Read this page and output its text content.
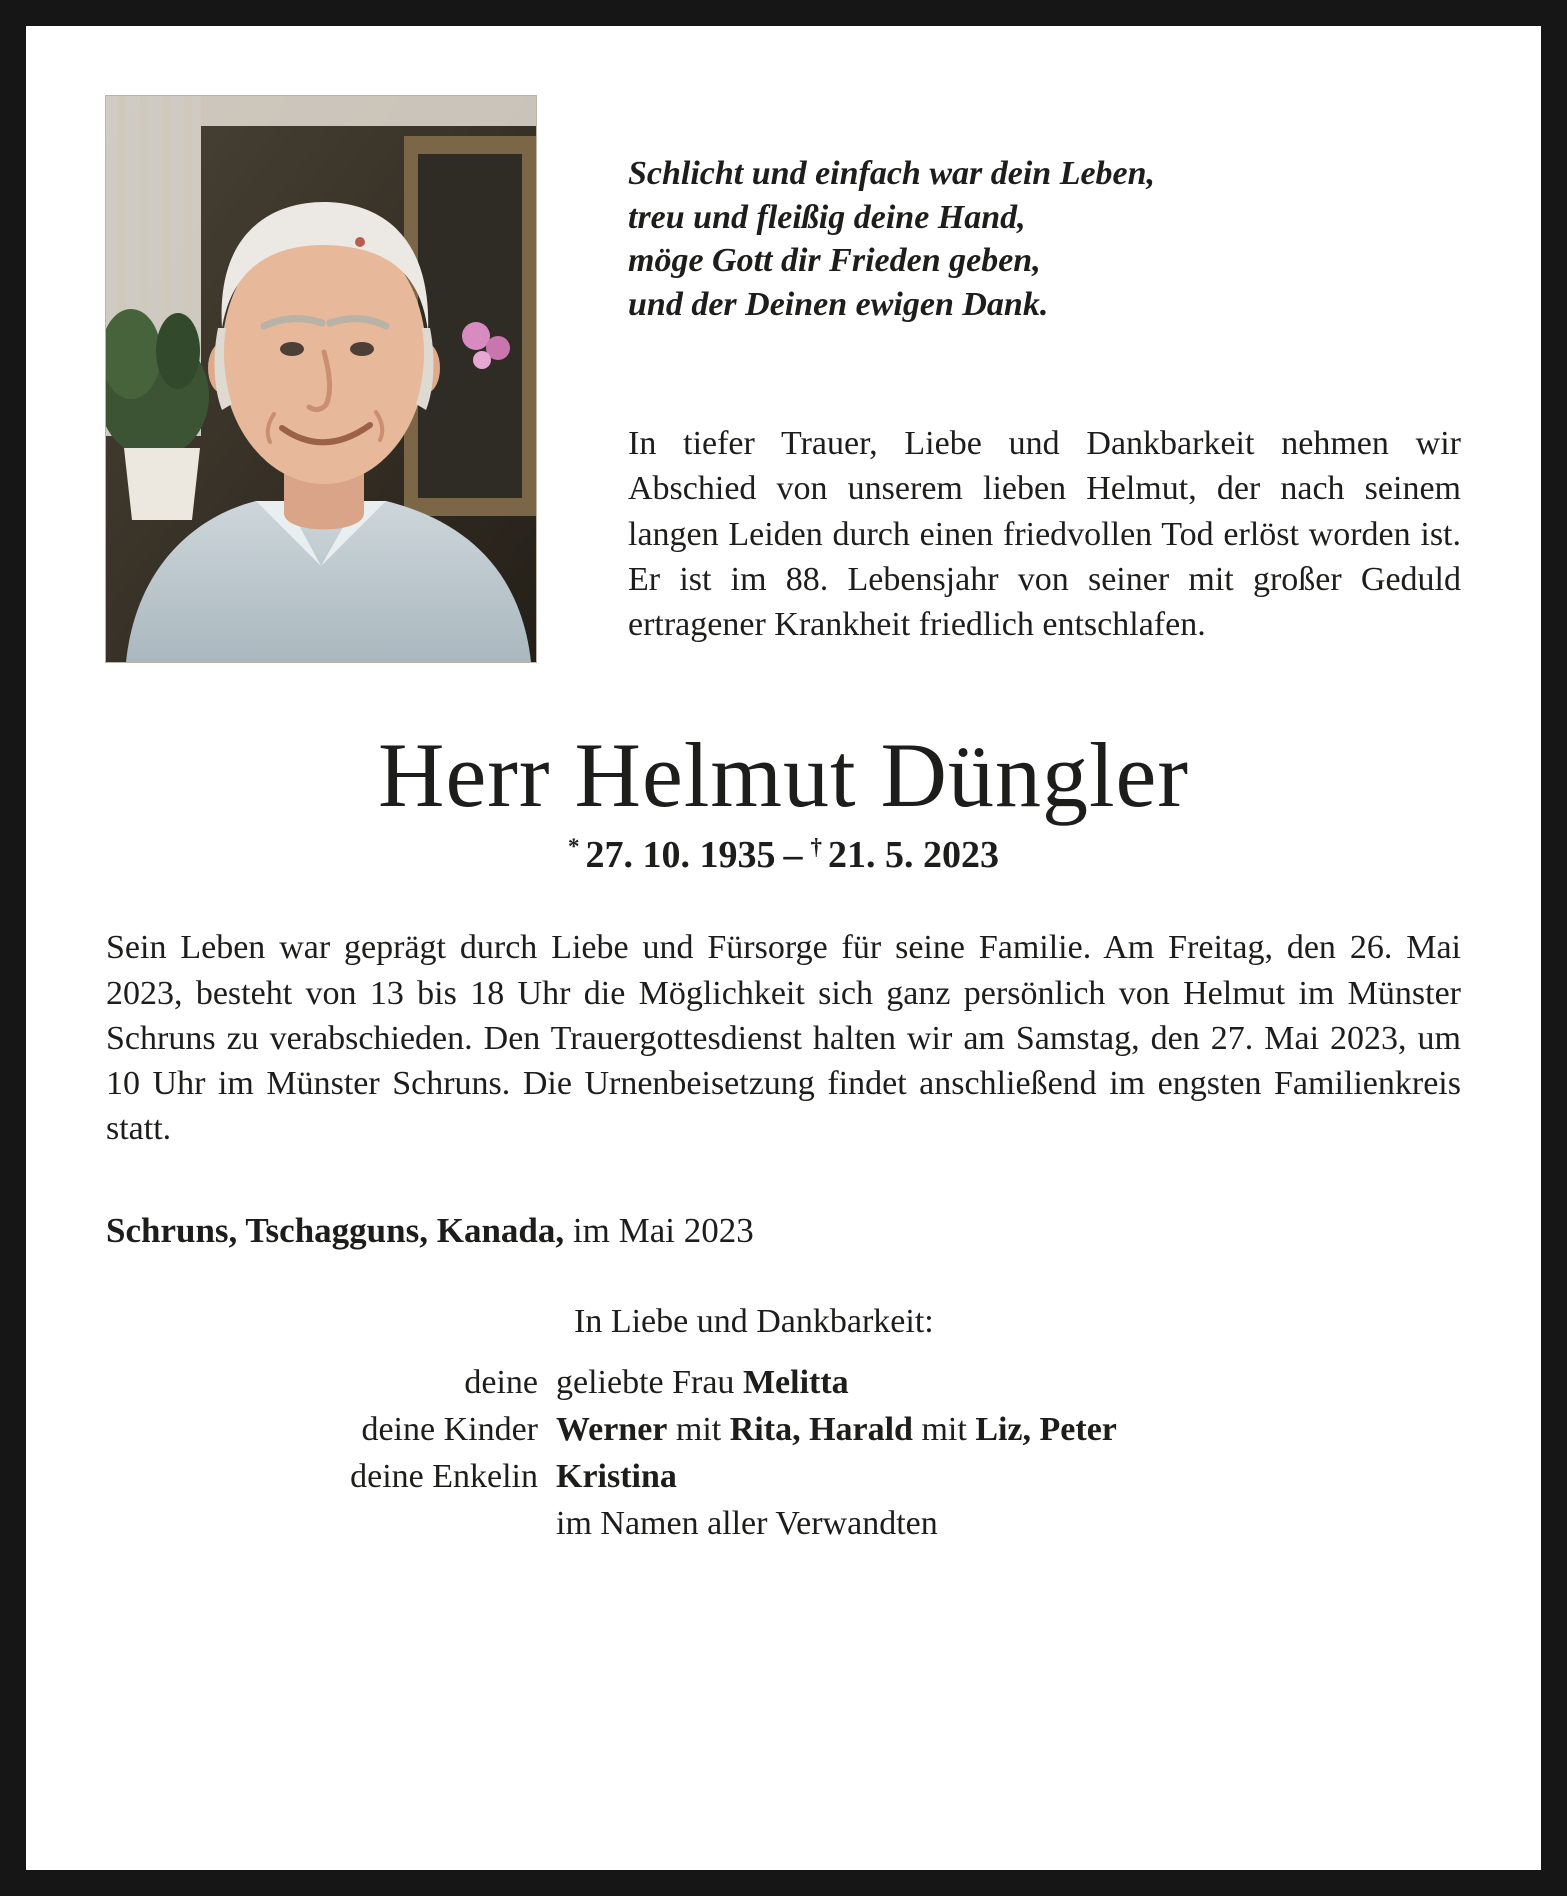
Schlicht und einfach war dein Leben,
treu und fleißig deine Hand,
möge Gott dir Frieden geben,
und der Deinen ewigen Dank.

In tiefer Trauer, Liebe und Dankbarkeit nehmen wir Abschied von unserem lieben Helmut, der nach seinem langen Leiden durch einen friedvollen Tod erlöst worden ist. Er ist im 88. Lebensjahr von seiner mit großer Geduld ertragener Krankheit friedlich entschlafen.

Herr Helmut Düngler
* 27. 10. 1935 – † 21. 5. 2023

Sein Leben war geprägt durch Liebe und Fürsorge für seine Familie. Am Freitag, den 26. Mai 2023, besteht von 13 bis 18 Uhr die Möglichkeit sich ganz persönlich von Helmut im Münster Schruns zu verabschieden. Den Trauergottesdienst halten wir am Samstag, den 27. Mai 2023, um 10 Uhr im Münster Schruns. Die Urnenbeisetzung findet anschließend im engsten Familienkreis statt.

Schruns, Tschagguns, Kanada, im Mai 2023

In Liebe und Dankbarkeit:
deine geliebte Frau Melitta
deine Kinder Werner mit Rita, Harald mit Liz, Peter
deine Enkelin Kristina
im Namen aller Verwandten
